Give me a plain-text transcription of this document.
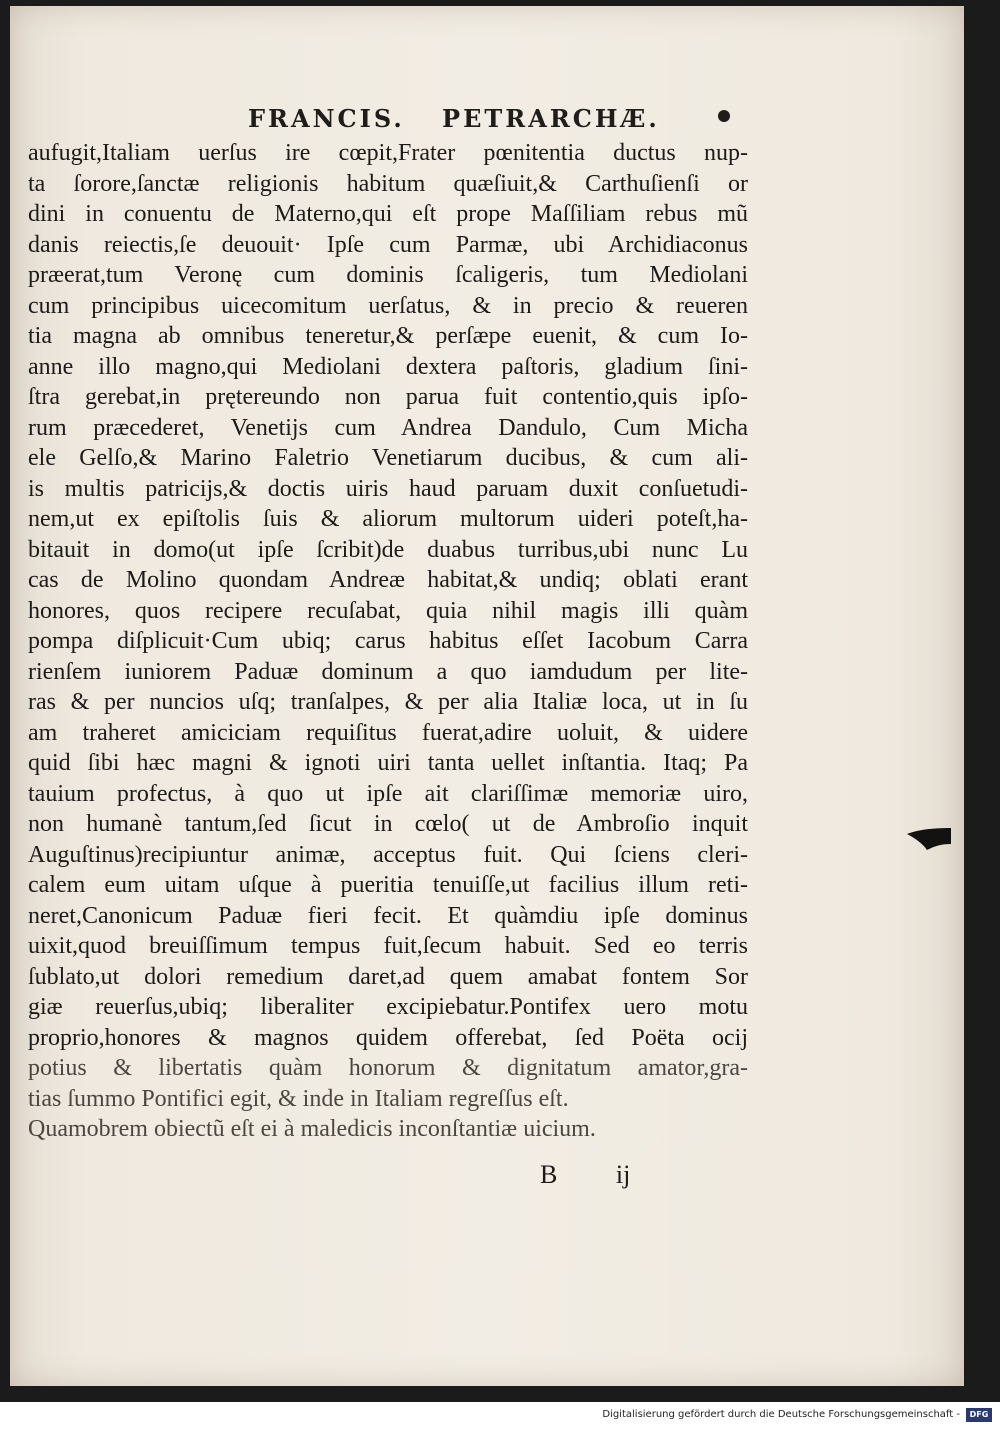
FRANCIS. PETRARCHÆ.
aufugit,Italiam uerſus ire cœpit,Frater pœnitentia ductus nup-
ta ſorore,ſanctæ religionis habitum quæſiuit,& Carthuſienſi or
dini in conuentu de Materno,qui eſt prope Maſſiliam rebus mũ
danis reiectis,ſe deuouit· Ipſe cum Parmæ, ubi Archidiaconus
præerat,tum Veronę cum dominis ſcaligeris, tum Mediolani
cum principibus uicecomitum uerſatus, & in precio & reueren
tia magna ab omnibus teneretur,& perſæpe euenit, & cum Io-
anne illo magno,qui Mediolani dextera paſtoris, gladium ſini-
ſtra gerebat,in prętereundo non parua fuit contentio,quis ipſo-
rum præcederet, Venetijs cum Andrea Dandulo, Cum Micha
ele Gelſo,& Marino Faletrio Venetiarum ducibus, & cum ali-
is multis patricijs,& doctis uiris haud paruam duxit conſuetudi-
nem,ut ex epiſtolis ſuis & aliorum multorum uideri poteſt,ha-
bitauit in domo(ut ipſe ſcribit)de duabus turribus,ubi nunc Lu
cas de Molino quondam Andreæ habitat,& undiq; oblati erant
honores, quos recipere recuſabat, quia nihil magis illi quàm
pompa diſplicuit·Cum ubiq; carus habitus eſſet Iacobum Carra
rienſem iuniorem Paduæ dominum a quo iamdudum per lite-
ras & per nuncios uſq; tranſalpes, & per alia Italiæ loca, ut in ſu
am traheret amiciciam requiſitus fuerat,adire uoluit, & uidere
quid ſibi hæc magni & ignoti uiri tanta uellet inſtantia. Itaq; Pa
tauium profectus, à quo ut ipſe ait clariſſimæ memoriæ uiro,
non humanè tantum,ſed ſicut in cœlo( ut de Ambroſio inquit
Auguſtinus)recipiuntur animæ, acceptus fuit. Qui ſciens cleri-
calem eum uitam uſque à pueritia tenuiſſe,ut facilius illum reti-
neret,Canonicum Paduæ fieri fecit. Et quàmdiu ipſe dominus
uixit,quod breuiſſimum tempus fuit,ſecum habuit. Sed eo terris
ſublato,ut dolori remedium daret,ad quem amabat fontem Sor
giæ reuerſus,ubiq; liberaliter excipiebatur.Pontifex uero motu
proprio,honores & magnos quidem offerebat, ſed Poëta ocij
potius & libertatis quàm honorum & dignitatum amator,gra-
tias ſummo Pontifici egit, & inde in Italiam regreſſus eſt.
Quamobrem obiectũ eſt ei à maledicis inconſtantiæ uicium.
B ij
Digitalisierung gefördert durch die Deutsche Forschungsgemeinschaft -	DFG
